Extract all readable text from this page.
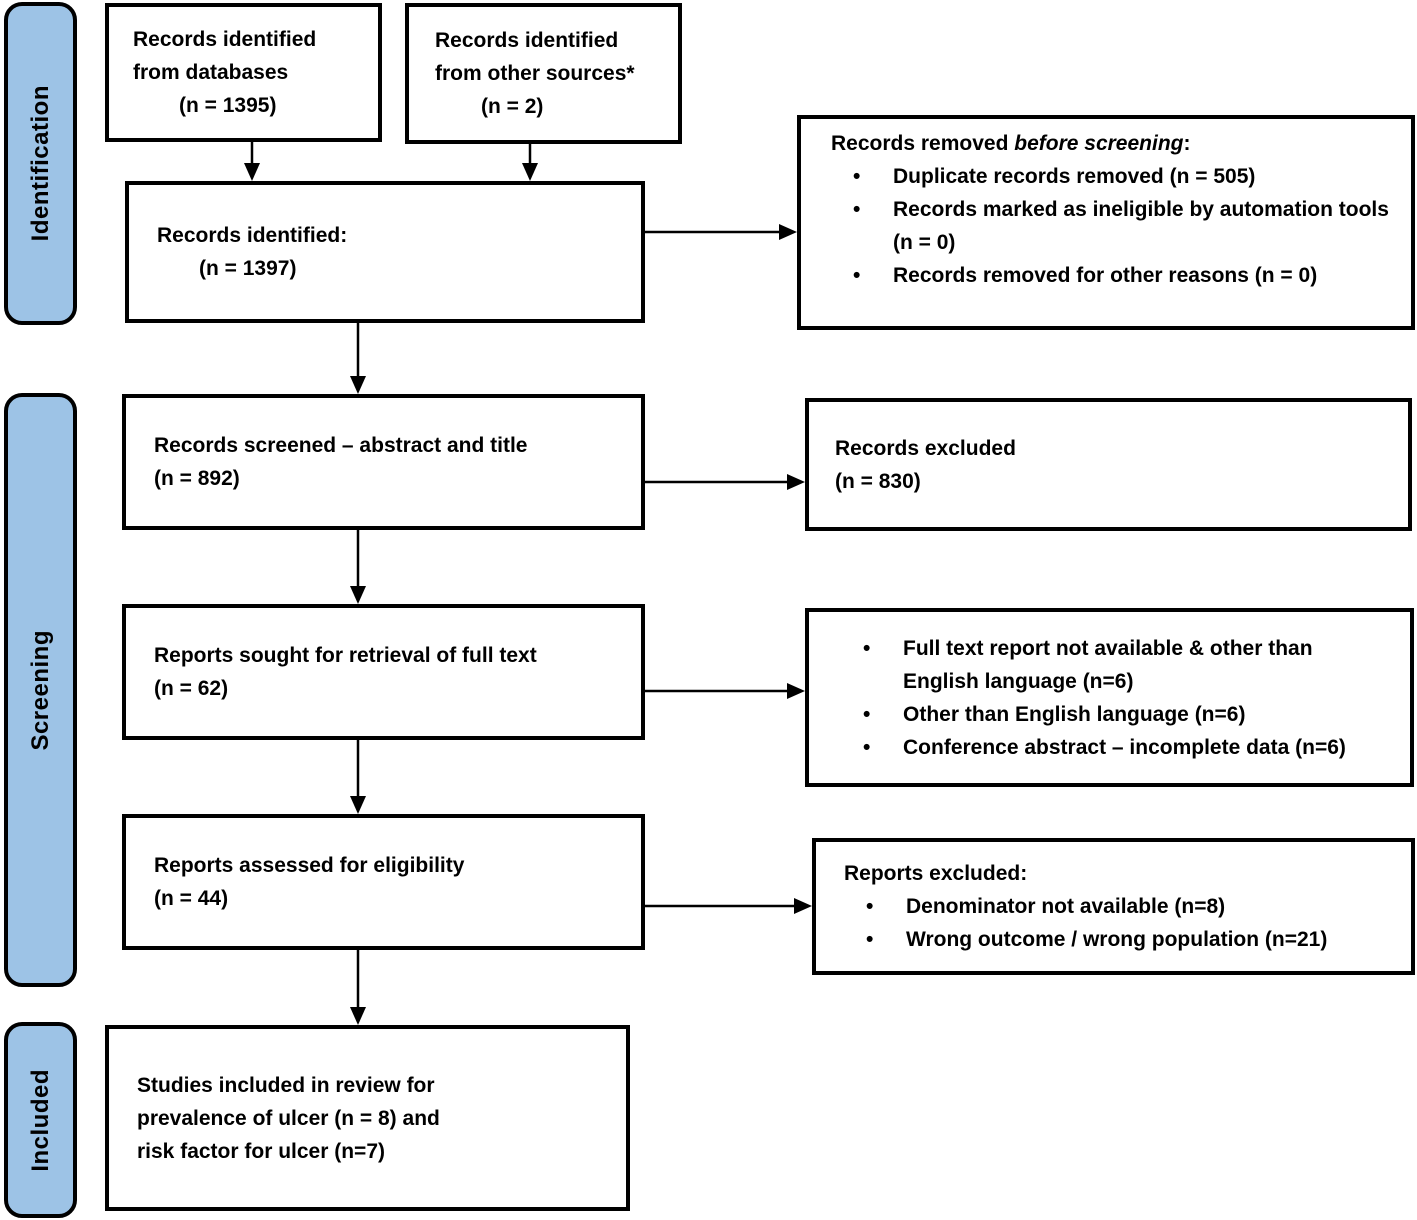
Identification
Screening
Included
Records identified
from databases
(n = 1395)
Records identified
from other sources*
(n = 2)
Records identified:
(n = 1397)
Records removed before screening:
• Duplicate records removed (n = 505)
• Records marked as ineligible by automation tools (n = 0)
• Records removed for other reasons (n = 0)
Records screened – abstract and title
(n = 892)
Records excluded
(n = 830)
Reports sought for retrieval of full text
(n = 62)
• Full text report not available & other than English language (n=6)
• Other than English language (n=6)
• Conference abstract – incomplete data (n=6)
Reports assessed for eligibility
(n = 44)
Reports excluded:
• Denominator not available (n=8)
• Wrong outcome / wrong population (n=21)
Studies included in review for
prevalence of ulcer (n = 8) and
risk factor for ulcer (n=7)
